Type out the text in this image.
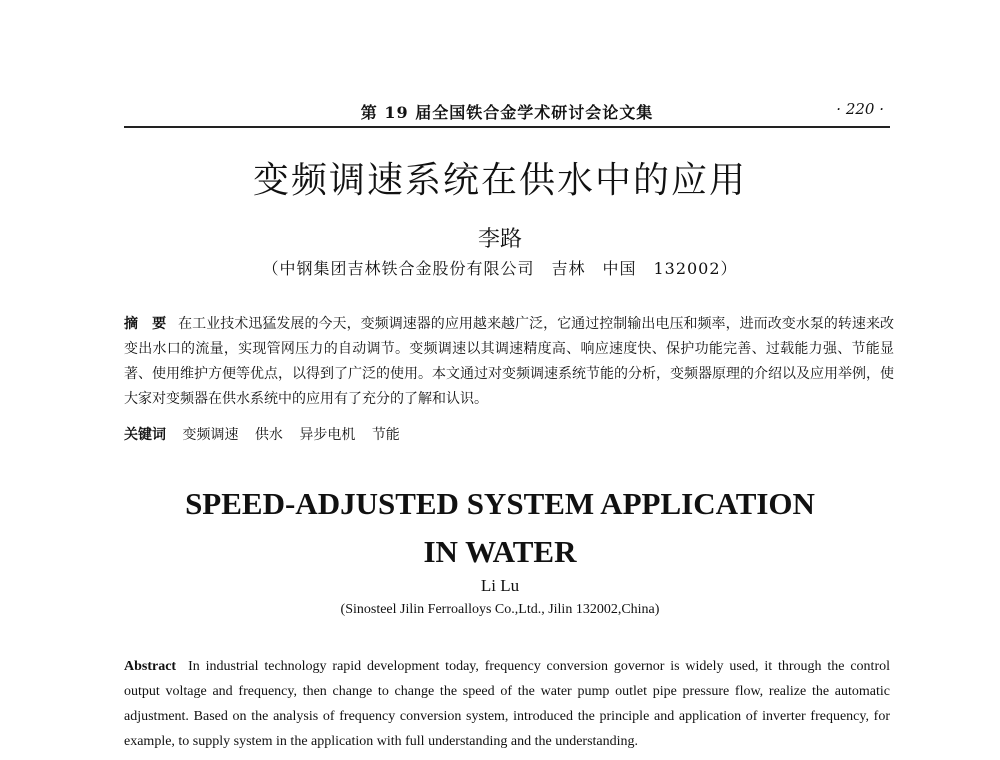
第 19 届全国铁合金学术研讨会论文集	· 220 ·
变频调速系统在供水中的应用
李路
（中钢集团吉林铁合金股份有限公司　吉林　中国　132002）
摘　要 在工业技术迅猛发展的今天，变频调速器的应用越来越广泛，它通过控制输出电压和频率，进而改变水泵的转速来改变出水口的流量，实现管网压力的自动调节。变频调速以其调速精度高、响应速度快、保护功能完善、过载能力强、节能显著、使用维护方便等优点，以得到了广泛的使用。本文通过对变频调速系统节能的分析，变频器原理的介绍以及应用举例，使大家对变频器在供水系统中的应用有了充分的了解和认识。
关键词 变频调速 供水 异步电机 节能
SPEED-ADJUSTED SYSTEM APPLICATION
IN WATER
Li Lu
(Sinosteel Jilin Ferroalloys Co.,Ltd., Jilin 132002,China)
Abstract In industrial technology rapid development today, frequency conversion governor is widely used, it through the control output voltage and frequency, then change to change the speed of the water pump outlet pipe pressure flow, realize the automatic adjustment. Based on the analysis of frequency conversion system, introduced the principle and application of inverter frequency, for example, to supply system in the application with full understanding and the understanding.
